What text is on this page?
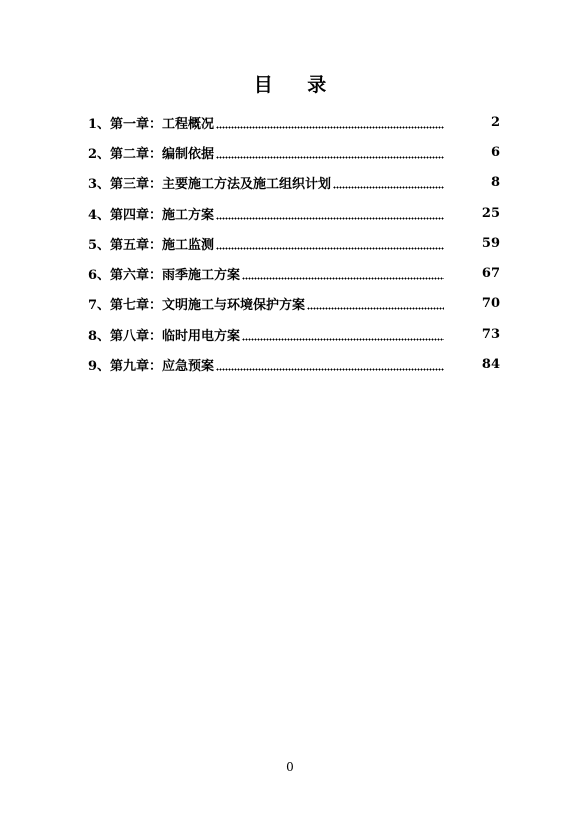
目 录
1、第一章：工程概况	2
2、第二章：编制依据	6
3、第三章：主要施工方法及施工组织计划	8
4、第四章：施工方案	25
5、第五章：施工监测	59
6、第六章：雨季施工方案	67
7、第七章：文明施工与环境保护方案	70
8、第八章：临时用电方案	73
9、第九章：应急预案	84
0
